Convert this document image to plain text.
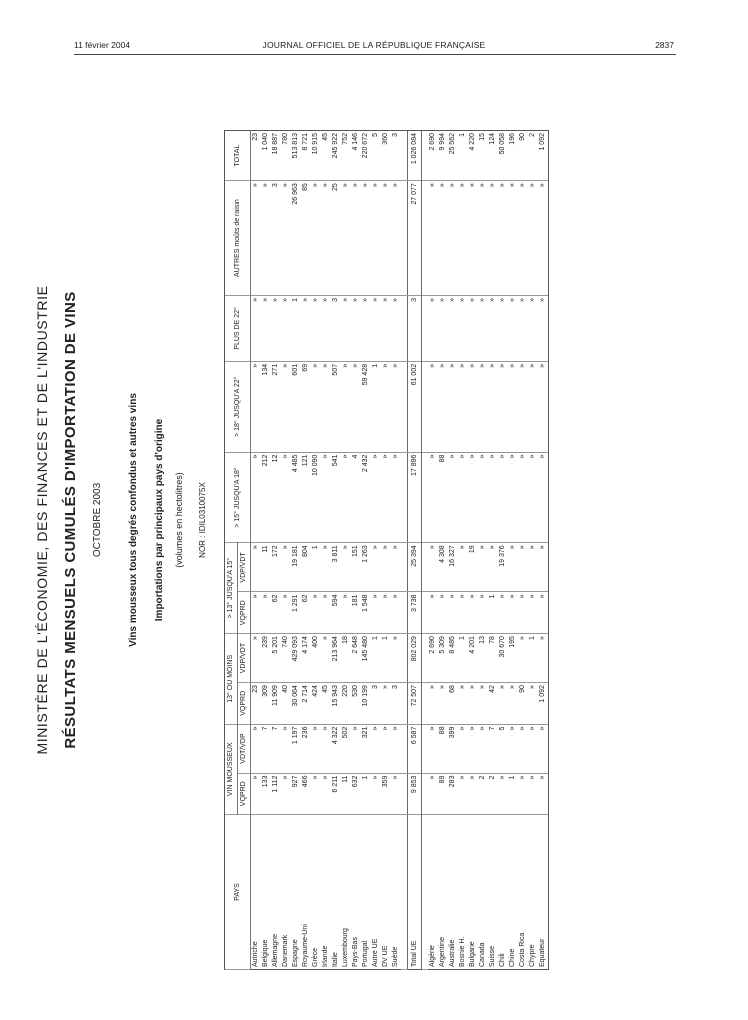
11 février 2004	JOURNAL OFFICIEL DE LA RÉPUBLIQUE FRANÇAISE	2837
MINISTÈRE DE L'ÉCONOMIE, DES FINANCES ET DE L'INDUSTRIE RÉSULTATS MENSUELS CUMULÉS D'IMPORTATION DE VINS OCTOBRE 2003	Vins mousseux tous degrés confondus et autres vins Importations par principaux pays d'origine (volumes en hectolitres) NOR : IDIL0310075X
PAYS	VIN MOUSSEUX		13° OU MOINS		> 13° JUSQU'A 15°		> 15° JUSQU'A 18°	> 18° JUSQU'A 22°	PLUS DE 22°	AUTRES moûts de raisin	TOTAL
	VQPRD	VDT/VDP	VQPRD	VDP/VDT	VQPRD	VDP/VDT					
Autriche	»	»	23	»	»	»	»	»	»	»	23
Belgique	133	7	309	239	»	11	212	134	»	»	1 040
Allemagne	1 112	7	11 909	5 201	62	172	12	271	»	3	18 887
Danemark	»	»	40	740	»	»	»	»	»	»	780
Espagne	927	1 197	30 064	429 093	1 291	19 181	4 485	601	1	26 963	513 813
Royaume-Uni	466	236	2 714	4 174	62	804	121	69	»	85	8 721
Grèce	»	»	424	400	»	1	10 090	»	»	»	10 915
Irlande	»	»	45	»	»	»	»	»	»	»	45
Italie	6 211	4 322	15 943	213 964	594	3 811	541	507	3	25	245 922
Luxembourg	11	502	220	18	»	»	»	»	»	»	752
Pays-Bas	632	»	530	2 648	181	151	4	»	»	»	4 146
Portugal	1	321	10 199	145 480	1 548	1 263	2 432	59 428	»	»	220 672
Autre UE	»	»	3	1	»	»	»	1	»	»	5
DV UE	359	»	»	1	»	»	»	»	»	»	360
Suède	»	»	3	»	»	»	»	»	»	»	3

Total UE	9 853	6 587	72 507	802 029	3 738	25 394	17 896	61 002	3	27 077	1 026 084

Algérie	»	»	»	2 690	»	»	»	»	»	»	2 690
Argentine	89	88	»	5 309	»	4 308	88	»	»	»	9 994
Australie	283	399	68	8 485	»	16 327	»	»	»	»	25 562
Bosnie H.	»	»	»	1	»	»	»	»	»	»	1
Bulgarie	»	»	»	4 201	»	19	»	»	»	»	4 220
Canada	2	»	»	13	»	»	»	»	»	»	15
Suisse	2	7	42	78	1	»	»	»	»	»	124
Chili	»	5	»	30 670	»	19 376	»	»	»	»	50 058
Chine	1	»	»	195	»	»	»	»	»	»	196
Costa Rica	»	»	90	»	»	»	»	»	»	»	90
Chypre	»	»	»	1	»	»	»	»	»	»	2
Equateur	»	»	1 092	»	»	»	»	»	»	»	1 092
